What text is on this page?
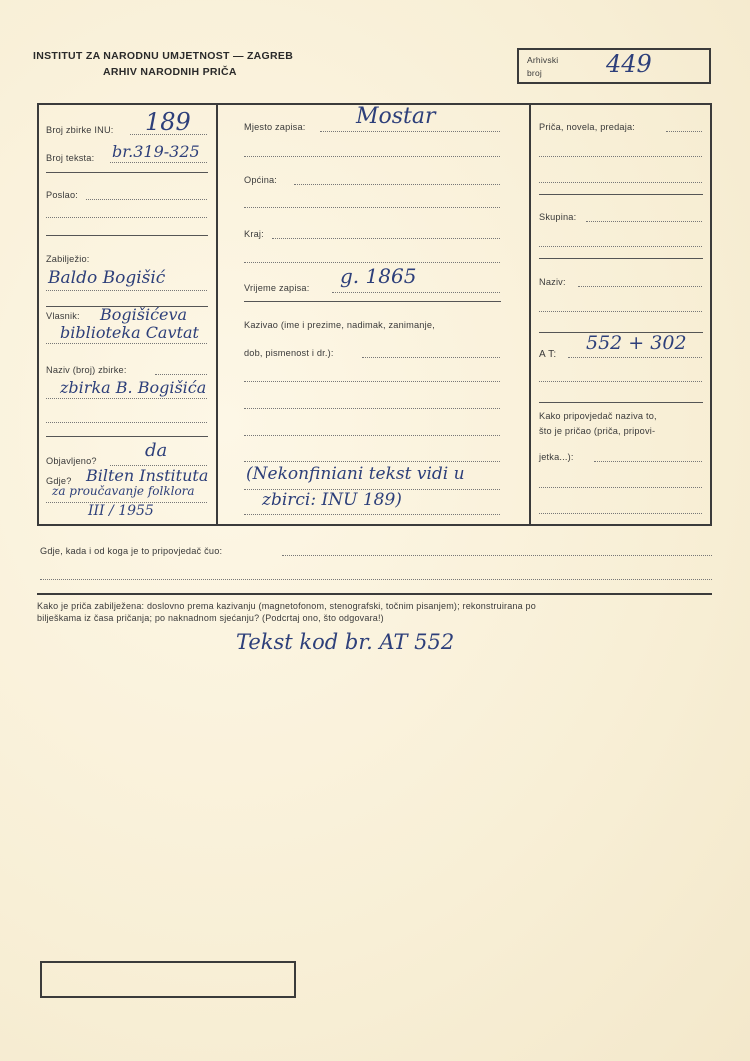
INSTITUT ZA NARODNU UMJETNOST — ZAGREB
ARHIV NARODNIH PRIČA
Arhivski
broj	449
Broj zbirke INU: 189
Broj teksta: br.319-325
Poslao:
Zabilježio:
Baldo Bogišić
Vlasnik: Bogišićeva
biblioteka Cavtat
Naziv (broj) zbirke:
zbirka B. Bogišića
Objavljeno?	da
Gdje? Bilten Instituta
za proučavanje folklora
III / 1955
Mjesto zapisa: Mostar
Općina:
Kraj:
Vrijeme zapisa: g. 1865
Kazivao (ime i prezime, nadimak, zanimanje,
dob, pismenost i dr.):
(Nekonfiniani tekst vidi u
zbirci: INU 189)
Priča, novela, predaja:
Skupina:
Naziv:
A T:
552 + 302
Kako pripovjedač naziva to,
što je pričao (priča, pripovi-
jetka...):
Gdje, kada i od koga je to pripovjedač čuo:
Kako je priča zabilježena: doslovno prema kazivanju (magnetofonom, stenografski, točnim pisanjem); rekonstruirana po
bilješkama iz časa pričanja; po naknadnom sjećanju? (Podcrtaj ono, što odgovara!)
Tekst kod br. AT 552
